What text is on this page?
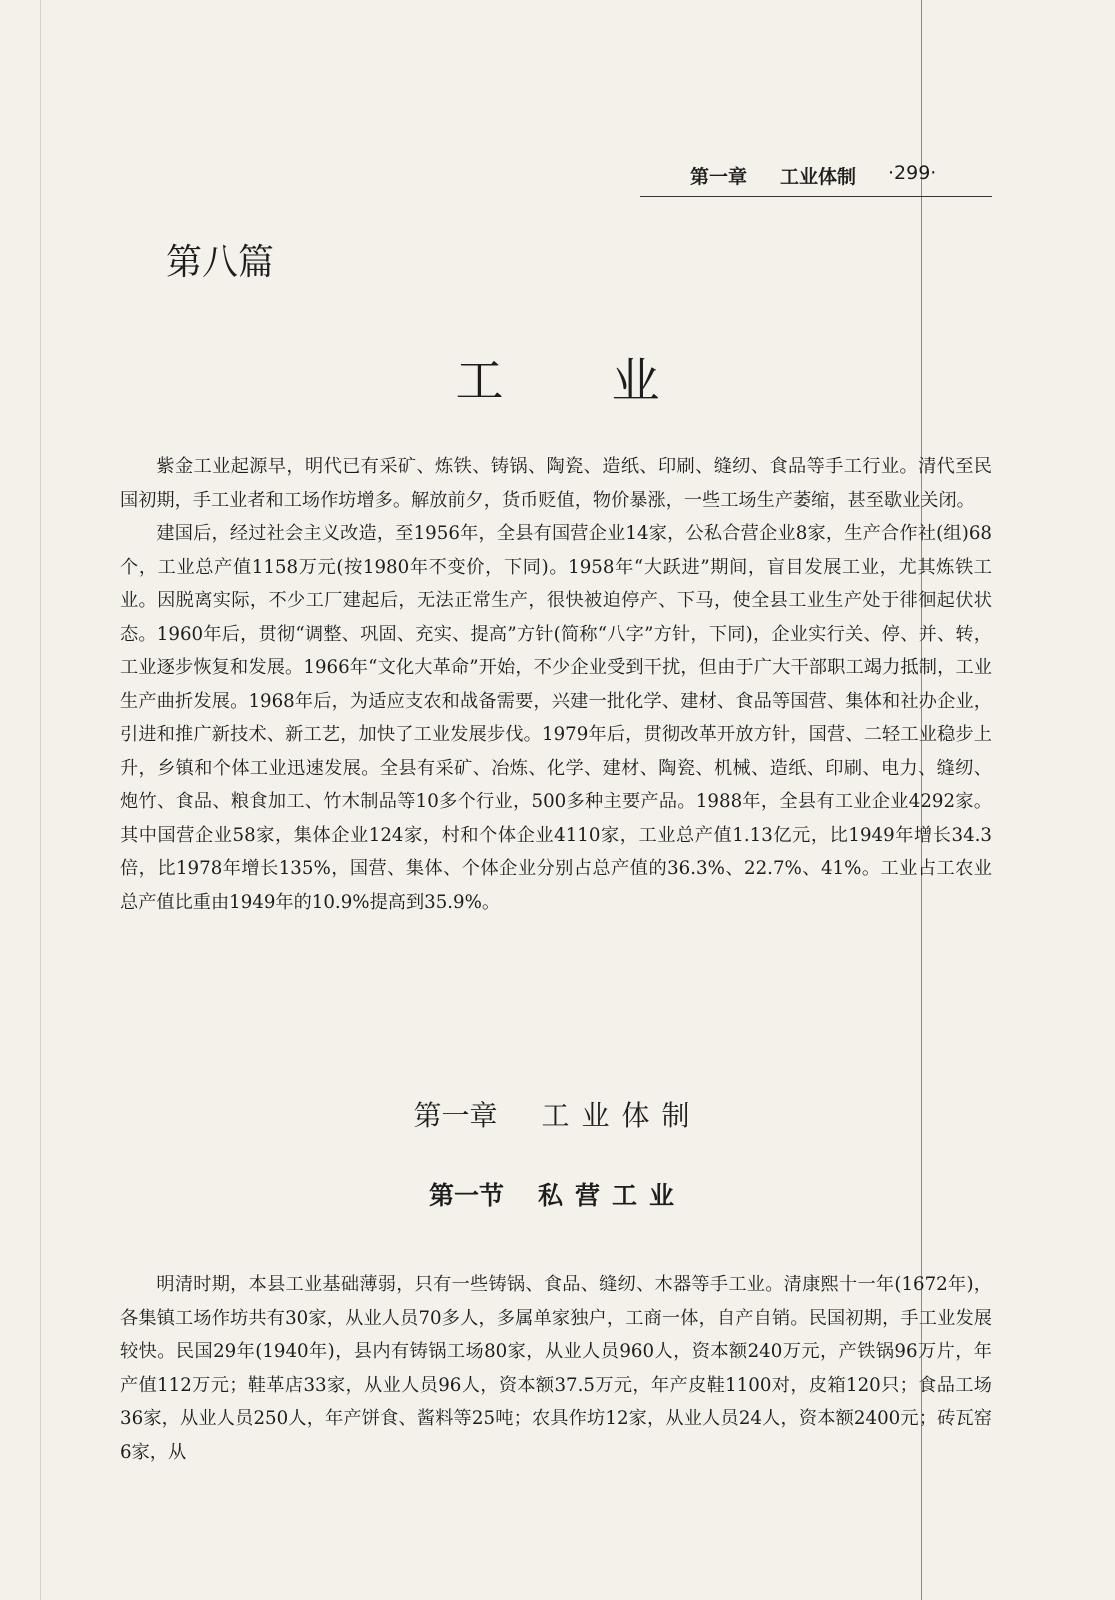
第一章 工业体制 ·299·
第八篇
工业

紫金工业起源早，明代已有采矿、炼铁、铸锅、陶瓷、造纸、印刷、缝纫、食品等手工行业。清代至民国初期，手工业者和工场作坊增多。解放前夕，货币贬值，物价暴涨，一些工场生产萎缩，甚至歇业关闭。

建国后，经过社会主义改造，至1956年，全县有国营企业14家，公私合营企业8家，生产合作社(组)68个，工业总产值1158万元(按1980年不变价，下同)。1958年“大跃进”期间，盲目发展工业，尤其炼铁工业。因脱离实际，不少工厂建起后，无法正常生产，很快被迫停产、下马，使全县工业生产处于徘徊起伏状态。1960年后，贯彻“调整、巩固、充实、提高”方针(简称“八字”方针，下同)，企业实行关、停、并、转，工业逐步恢复和发展。1966年“文化大革命”开始，不少企业受到干扰，但由于广大干部职工竭力抵制，工业生产曲折发展。1968年后，为适应支农和战备需要，兴建一批化学、建材、食品等国营、集体和社办企业，引进和推广新技术、新工艺，加快了工业发展步伐。1979年后，贯彻改革开放方针，国营、二轻工业稳步上升，乡镇和个体工业迅速发展。全县有采矿、冶炼、化学、建材、陶瓷、机械、造纸、印刷、电力、缝纫、炮竹、食品、粮食加工、竹木制品等10多个行业，500多种主要产品。1988年，全县有工业企业4292家。其中国营企业58家，集体企业124家，村和个体企业4110家，工业总产值1.13亿元，比1949年增长34.3倍，比1978年增长135%，国营、集体、个体企业分别占总产值的36.3%、22.7%、41%。工业占工农业总产值比重由1949年的10.9%提高到35.9%。

第一章 工业体制
第一节 私营工业

明清时期，本县工业基础薄弱，只有一些铸锅、食品、缝纫、木器等手工业。清康熙十一年(1672年)，各集镇工场作坊共有30家，从业人员70多人，多属单家独户，工商一体，自产自销。民国初期，手工业发展较快。民国29年(1940年)，县内有铸锅工场80家，从业人员960人，资本额240万元，产铁锅96万片，年产值112万元；鞋革店33家，从业人员96人，资本额37.5万元，年产皮鞋1100对，皮箱120只；食品工场36家，从业人员250人，年产饼食、酱料等25吨；农具作坊12家，从业人员24人，资本额2400元；砖瓦窑6家，从
